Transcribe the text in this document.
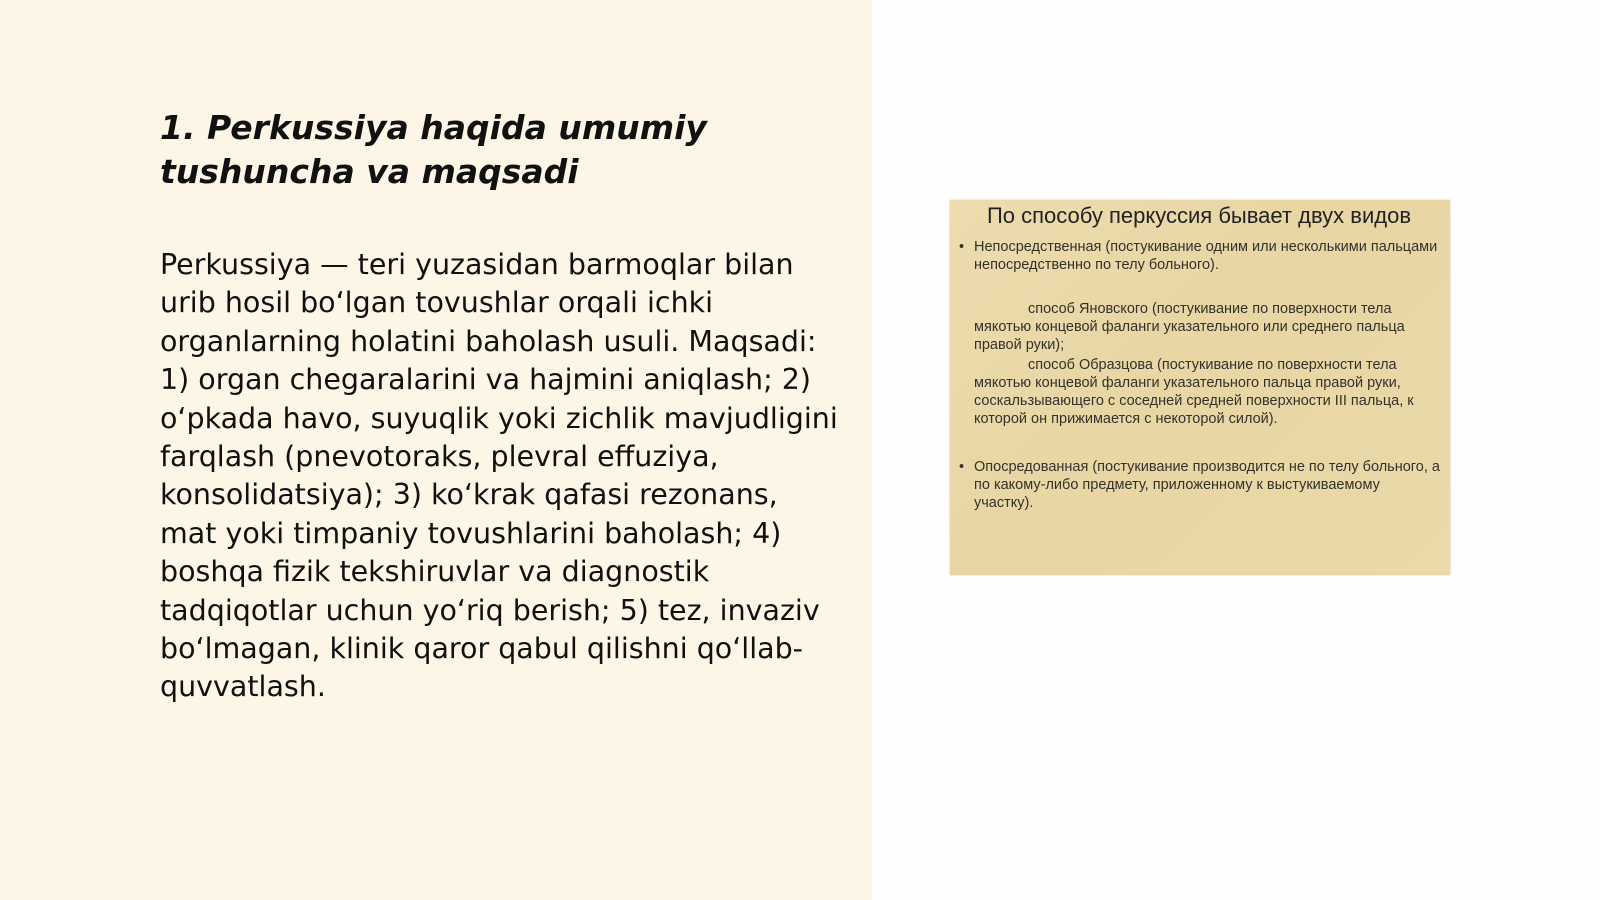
1. Perkussiya haqida umumiy tushuncha va maqsadi

Perkussiya — teri yuzasidan barmoqlar bilan urib hosil bo‘lgan tovushlar orqali ichki organlarning holatini baholash usuli. Maqsadi: 1) organ chegaralarini va hajmini aniqlash; 2) o‘pkada havo, suyuqlik yoki zichlik mavjudligini farqlash (pnevotoraks, plevral effuziya, konsolidatsiya); 3) ko‘krak qafasi rezonans, mat yoki timpaniy tovushlarini baholash; 4) boshqa fizik tekshiruvlar va diagnostik tadqiqotlar uchun yo‘riq berish; 5) tez, invaziv bo‘lmagan, klinik qaror qabul qilishni qo‘llab-quvvatlash.

По способу перкуссия бывает двух видов
• Непосредственная (постукивание одним или несколькими пальцами непосредственно по телу больного).
способ Яновского (постукивание по поверхности тела мякотью концевой фаланги указательного или среднего пальца правой руки);
способ Образцова (постукивание по поверхности тела мякотью концевой фаланги указательного пальца правой руки, соскальзывающего с соседней средней поверхности III пальца, к которой он прижимается с некоторой силой).
• Опосредованная (постукивание производится не по телу больного, а по какому-либо предмету, приложенному к выстукиваемому участку).
